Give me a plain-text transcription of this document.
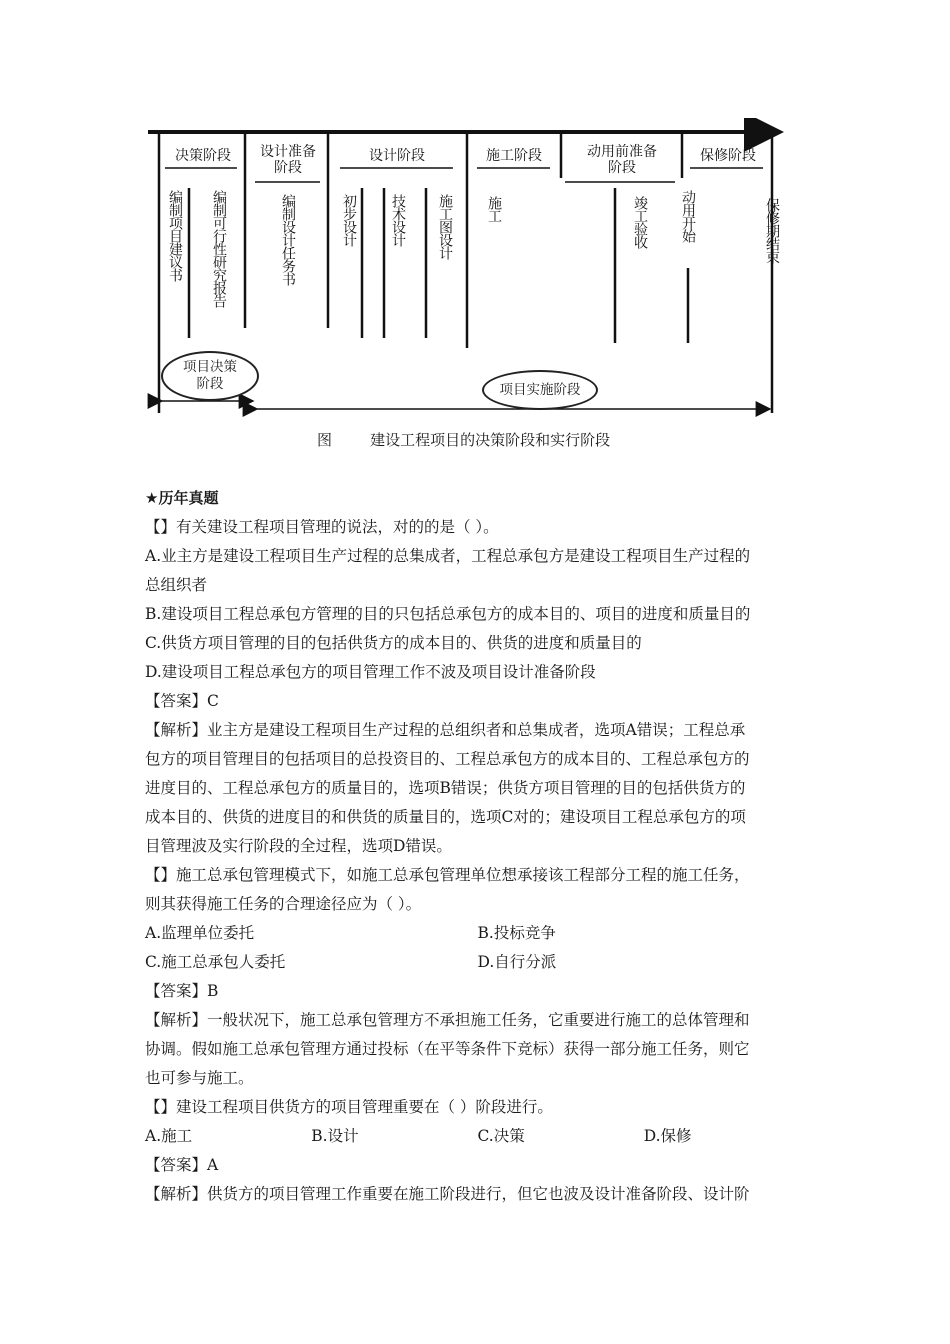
决策阶段	设计准备
阶段
设计阶段	施工阶段	动用前准备
阶段
保修阶段
编制项目建议书 编制可行性研究报告	编制设计任务书	初步设计 技术设计 施工图设计 施工	竣工验收 动用开始	保修期结束
项目决策
阶段	项目实施阶段
图        建设工程项目的决策阶段和实行阶段
★历年真题
【】有关建设工程项目管理的说法，对的的是（ ）。
A.业主方是建设工程项目生产过程的总集成者，工程总承包方是建设工程项目生产过程的
总组织者
B.建设项目工程总承包方管理的目的只包括总承包方的成本目的、项目的进度和质量目的
C.供货方项目管理的目的包括供货方的成本目的、供货的进度和质量目的
D.建设项目工程总承包方的项目管理工作不波及项目设计准备阶段
【答案】C
【解析】业主方是建设工程项目生产过程的总组织者和总集成者，选项A错误；工程总承
包方的项目管理目的包括项目的总投资目的、工程总承包方的成本目的、工程总承包方的
进度目的、工程总承包方的质量目的，选项B错误；供货方项目管理的目的包括供货方的
成本目的、供货的进度目的和供货的质量目的，选项C对的；建设项目工程总承包方的项
目管理波及实行阶段的全过程，选项D错误。
【】施工总承包管理模式下，如施工总承包管理单位想承接该工程部分工程的施工任务，
则其获得施工任务的合理途径应为（ ）。
A.监理单位委托	B.投标竞争
C.施工总承包人委托	D.自行分派
【答案】B
【解析】一般状况下，施工总承包管理方不承担施工任务，它重要进行施工的总体管理和
协调。假如施工总承包管理方通过投标（在平等条件下竞标）获得一部分施工任务，则它
也可参与施工。
【】建设工程项目供货方的项目管理重要在（ ）阶段进行。
A.施工	B.设计	C.决策	D.保修
【答案】A
【解析】供货方的项目管理工作重要在施工阶段进行，但它也波及设计准备阶段、设计阶
